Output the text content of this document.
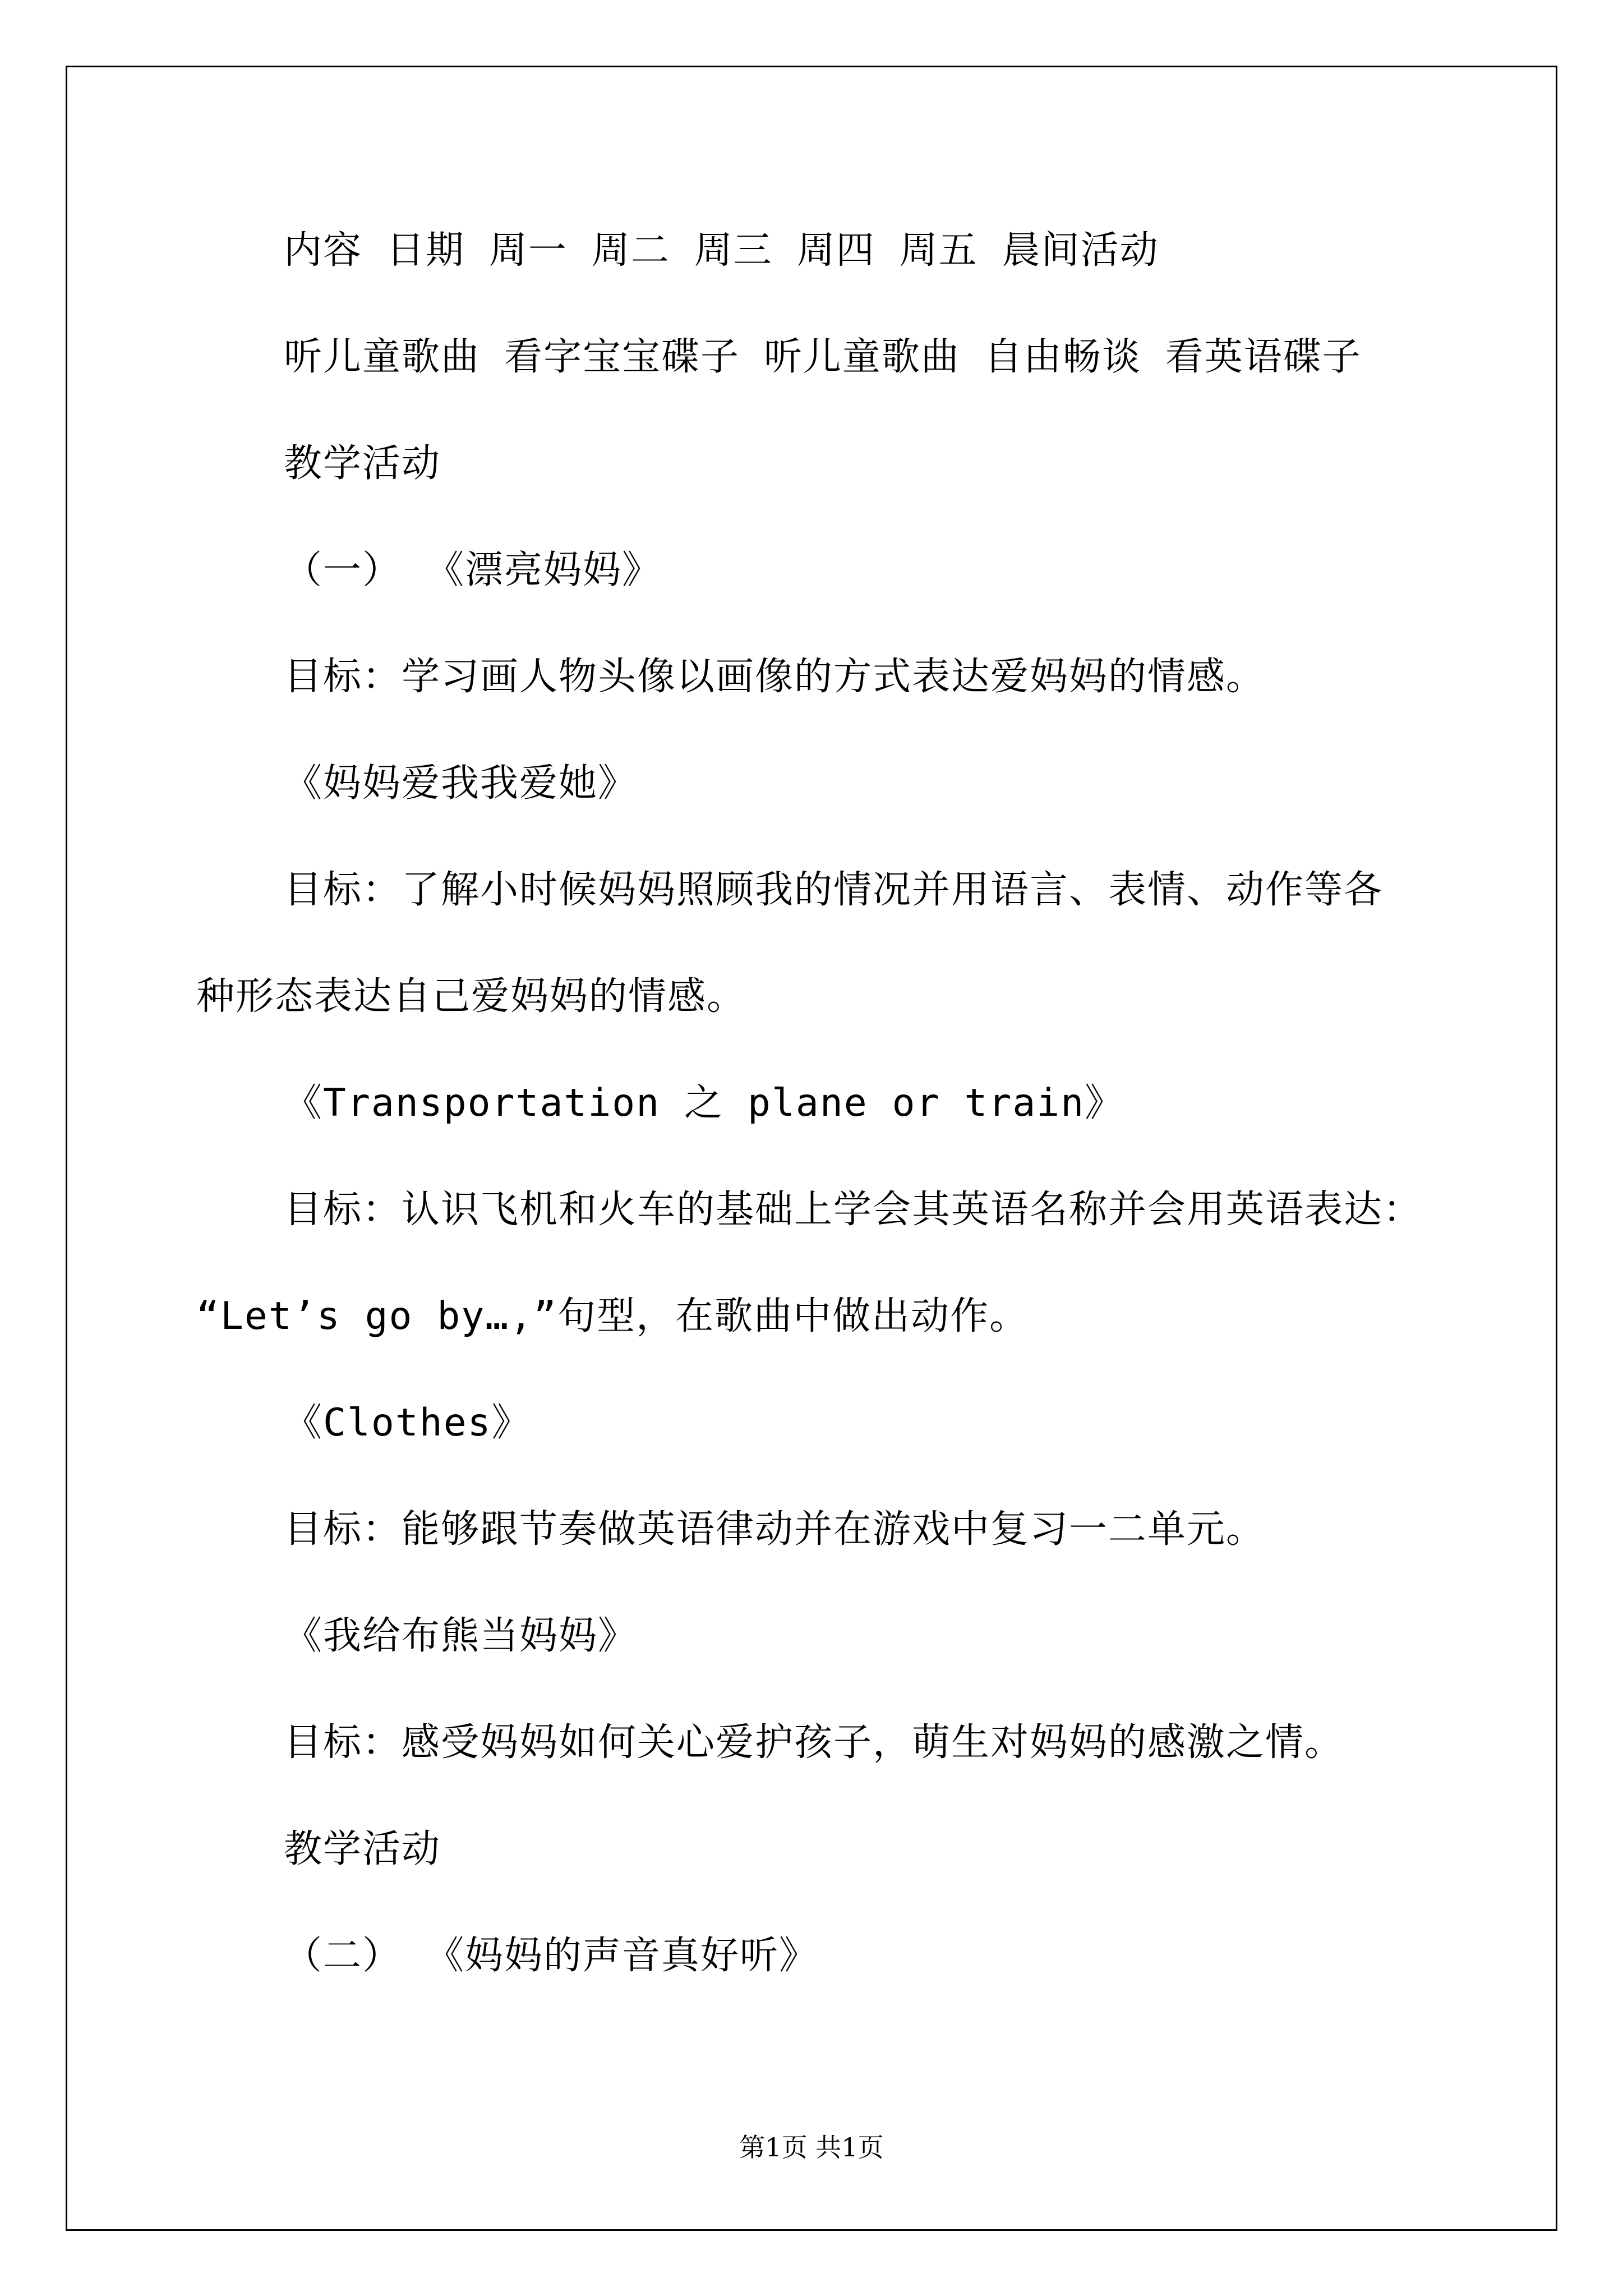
内容 日期 周一 周二 周三 周四 周五 晨间活动
听儿童歌曲 看字宝宝碟子 听儿童歌曲 自由畅谈 看英语碟子
教学活动
（一） 《漂亮妈妈》
目标：学习画人物头像以画像的方式表达爱妈妈的情感。
《妈妈爱我我爱她》
目标：了解小时候妈妈照顾我的情况并用语言、表情、动作等各
种形态表达自己爱妈妈的情感。
《Transportation 之 plane or train》
目标：认识飞机和火车的基础上学会其英语名称并会用英语表达：
“Let’s go by…,”句型，在歌曲中做出动作。
《Clothes》
目标：能够跟节奏做英语律动并在游戏中复习一二单元。
《我给布熊当妈妈》
目标：感受妈妈如何关心爱护孩子，萌生对妈妈的感激之情。
教学活动
（二） 《妈妈的声音真好听》
第1页 共1页
